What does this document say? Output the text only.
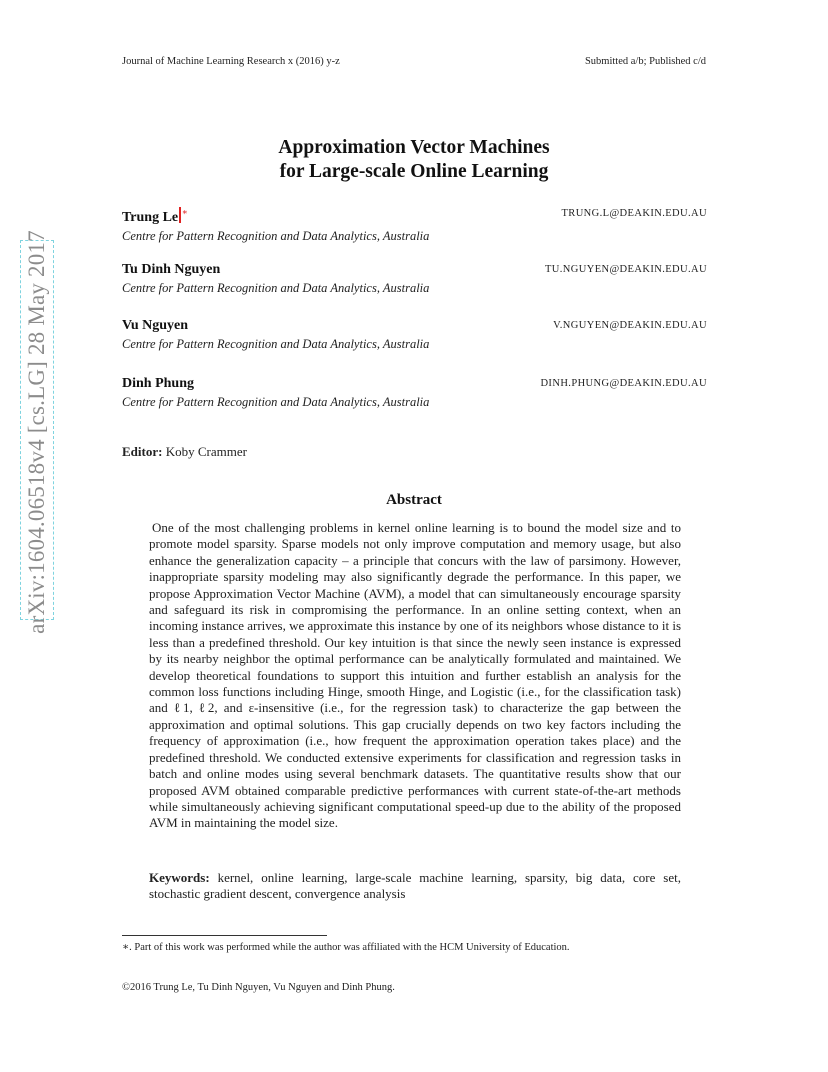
Journal of Machine Learning Research x (2016) y-z	Submitted a/b; Published c/d
Approximation Vector Machines
for Large-scale Online Learning
Trung Le ∗	TRUNG.L@DEAKIN.EDU.AU
Centre for Pattern Recognition and Data Analytics, Australia
Tu Dinh Nguyen	TU.NGUYEN@DEAKIN.EDU.AU
Centre for Pattern Recognition and Data Analytics, Australia
Vu Nguyen	V.NGUYEN@DEAKIN.EDU.AU
Centre for Pattern Recognition and Data Analytics, Australia
Dinh Phung	DINH.PHUNG@DEAKIN.EDU.AU
Centre for Pattern Recognition and Data Analytics, Australia
Editor: Koby Crammer
Abstract
One of the most challenging problems in kernel online learning is to bound the model size and to promote model sparsity. Sparse models not only improve computation and memory usage, but also enhance the generalization capacity – a principle that concurs with the law of parsimony. However, inappropriate sparsity modeling may also significantly degrade the performance. In this paper, we propose Approximation Vector Machine (AVM), a model that can simultaneously encourage sparsity and safeguard its risk in compromising the performance. In an online setting context, when an incoming instance arrives, we approximate this instance by one of its neighbors whose distance to it is less than a predefined threshold. Our key intuition is that since the newly seen instance is expressed by its nearby neighbor the optimal performance can be analytically formulated and maintained. We develop theoretical foundations to support this intuition and further establish an analysis for the common loss functions including Hinge, smooth Hinge, and Logistic (i.e., for the classification task) and ℓ1, ℓ2, and ε-insensitive (i.e., for the regression task) to characterize the gap between the approximation and optimal solutions. This gap crucially depends on two key factors including the frequency of approximation (i.e., how frequent the approximation operation takes place) and the predefined threshold. We conducted extensive experiments for classification and regression tasks in batch and online modes using several benchmark datasets. The quantitative results show that our proposed AVM obtained comparable predictive performances with current state-of-the-art methods while simultaneously achieving significant computational speed-up due to the ability of the proposed AVM in maintaining the model size.
Keywords: kernel, online learning, large-scale machine learning, sparsity, big data, core set, stochastic gradient descent, convergence analysis
∗. Part of this work was performed while the author was affiliated with the HCM University of Education.
©2016 Trung Le, Tu Dinh Nguyen, Vu Nguyen and Dinh Phung.
arXiv:1604.06518v4 [cs.LG] 28 May 2017
